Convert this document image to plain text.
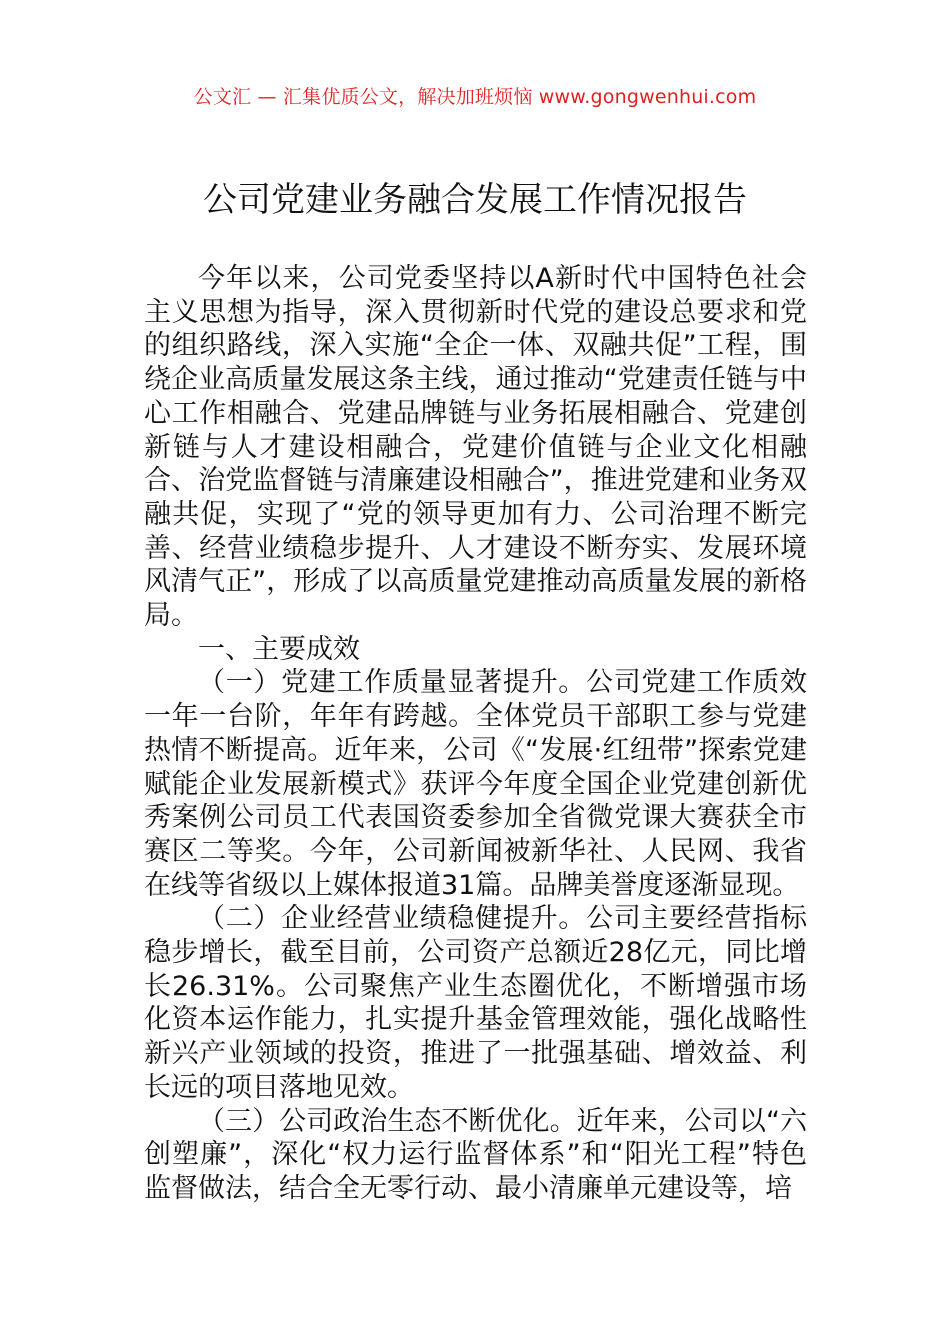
公文汇 — 汇集优质公文，解决加班烦恼 www.gongwenhui.com
公司党建业务融合发展工作情况报告

今年以来，公司党委坚持以A新时代中国特色社会主义思想为指导，深入贯彻新时代党的建设总要求和党的组织路线，深入实施“全企一体、双融共促”工程，围绕企业高质量发展这条主线，通过推动“党建责任链与中心工作相融合、党建品牌链与业务拓展相融合、党建创新链与人才建设相融合，党建价值链与企业文化相融合、治党监督链与清廉建设相融合”，推进党建和业务双融共促，实现了“党的领导更加有力、公司治理不断完善、经营业绩稳步提升、人才建设不断夯实、发展环境风清气正”，形成了以高质量党建推动高质量发展的新格局。

一、主要成效

（一）党建工作质量显著提升。公司党建工作质效一年一台阶，年年有跨越。全体党员干部职工参与党建热情不断提高。近年来，公司《“发展·红纽带”探索党建赋能企业发展新模式》获评今年度全国企业党建创新优秀案例公司员工代表国资委参加全省微党课大赛获全市赛区二等奖。今年，公司新闻被新华社、人民网、我省在线等省级以上媒体报道31篇。品牌美誉度逐渐显现。

（二）企业经营业绩稳健提升。公司主要经营指标稳步增长，截至目前，公司资产总额近28亿元，同比增长26.31%。公司聚焦产业生态圈优化，不断增强市场化资本运作能力，扎实提升基金管理效能，强化战略性新兴产业领域的投资，推进了一批强基础、增效益、利长远的项目落地见效。

（三）公司政治生态不断优化。近年来，公司以“六创塑廉”，深化“权力运行监督体系”和“阳光工程”特色监督做法，结合全无零行动、最小清廉单元建设等，培
